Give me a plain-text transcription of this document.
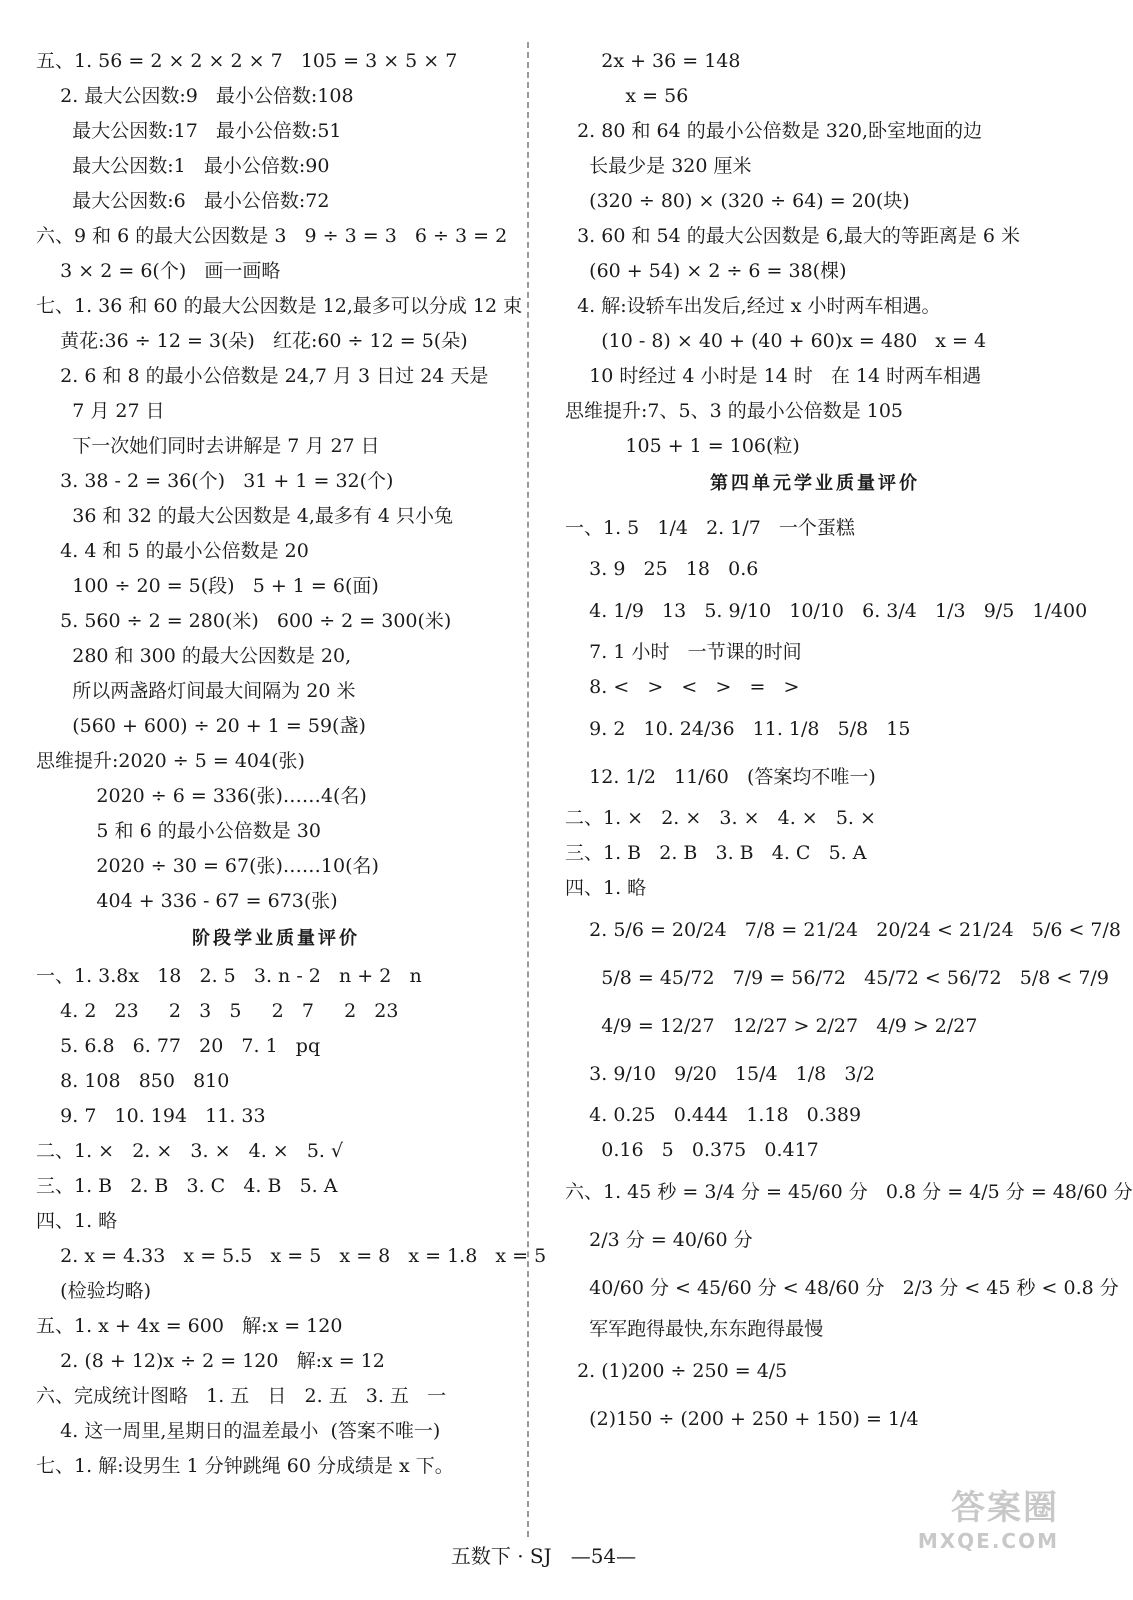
五、1. 56 = 2 × 2 × 2 × 7   105 = 3 × 5 × 7
2. 最大公因数:9   最小公倍数:108
最大公因数:17   最小公倍数:51
最大公因数:1   最小公倍数:90
最大公因数:6   最小公倍数:72
六、9 和 6 的最大公因数是 3   9 ÷ 3 = 3   6 ÷ 3 = 2
3 × 2 = 6(个)   画一画略
七、1. 36 和 60 的最大公因数是 12,最多可以分成 12 束
黄花:36 ÷ 12 = 3(朵)   红花:60 ÷ 12 = 5(朵)
2. 6 和 8 的最小公倍数是 24,7 月 3 日过 24 天是
7 月 27 日
下一次她们同时去讲解是 7 月 27 日
3. 38 - 2 = 36(个)   31 + 1 = 32(个)
36 和 32 的最大公因数是 4,最多有 4 只小兔
4. 4 和 5 的最小公倍数是 20
100 ÷ 20 = 5(段)   5 + 1 = 6(面)
5. 560 ÷ 2 = 280(米)   600 ÷ 2 = 300(米)
280 和 300 的最大公因数是 20,
所以两盏路灯间最大间隔为 20 米
(560 + 600) ÷ 20 + 1 = 59(盏)
思维提升:2020 ÷ 5 = 404(张)
2020 ÷ 6 = 336(张)……4(名)
5 和 6 的最小公倍数是 30
2020 ÷ 30 = 67(张)……10(名)
404 + 336 - 67 = 673(张)
阶段学业质量评价
一、1. 3.8x   18   2. 5   3. n - 2   n + 2   n
4. 2   23     2   3   5     2   7     2   23
5. 6.8   6. 77   20   7. 1   pq
8. 108   850   810
9. 7   10. 194   11. 33
二、1. ×   2. ×   3. ×   4. ×   5. √
三、1. B   2. B   3. C   4. B   5. A
四、1. 略
2. x = 4.33   x = 5.5   x = 5   x = 8   x = 1.8   x = 5
(检验均略)
五、1. x + 4x = 600   解:x = 120
2. (8 + 12)x ÷ 2 = 120   解:x = 12
六、完成统计图略   1. 五   日   2. 五   3. 五   一
4. 这一周里,星期日的温差最小  (答案不唯一)
七、1. 解:设男生 1 分钟跳绳 60 分成绩是 x 下。
2x + 36 = 148
x = 56
2. 80 和 64 的最小公倍数是 320,卧室地面的边
长最少是 320 厘米
(320 ÷ 80) × (320 ÷ 64) = 20(块)
3. 60 和 54 的最大公因数是 6,最大的等距离是 6 米
(60 + 54) × 2 ÷ 6 = 38(棵)
4. 解:设轿车出发后,经过 x 小时两车相遇。
(10 - 8) × 40 + (40 + 60)x = 480   x = 4
10 时经过 4 小时是 14 时   在 14 时两车相遇
思维提升:7、5、3 的最小公倍数是 105
105 + 1 = 106(粒)
第四单元学业质量评价
一、1. 5   1/4   2. 1/7   一个蛋糕
3. 9   25   18   0.6
4. 1/9   13   5. 9/10   10/10   6. 3/4   1/3   9/5   1/400
7. 1 小时   一节课的时间
8. <   >   <   >   =   >
9. 2   10. 24/36   11. 1/8   5/8   15
12. 1/2   11/60   (答案均不唯一)
二、1. ×   2. ×   3. ×   4. ×   5. ×
三、1. B   2. B   3. B   4. C   5. A
四、1. 略
2. 5/6 = 20/24   7/8 = 21/24   20/24 < 21/24   5/6 < 7/8
5/8 = 45/72   7/9 = 56/72   45/72 < 56/72   5/8 < 7/9
4/9 = 12/27   12/27 > 2/27   4/9 > 2/27
3. 9/10   9/20   15/4   1/8   3/2
4. 0.25   0.444   1.18   0.389
0.16   5   0.375   0.417
六、1. 45 秒 = 3/4 分 = 45/60 分   0.8 分 = 4/5 分 = 48/60 分
2/3 分 = 40/60 分
40/60 分 < 45/60 分 < 48/60 分   2/3 分 < 45 秒 < 0.8 分
军军跑得最快,东东跑得最慢
2. (1)200 ÷ 250 = 4/5
(2)150 ÷ (200 + 250 + 150) = 1/4
五数下 · SJ   —54—
答案圈
MXQE.COM
